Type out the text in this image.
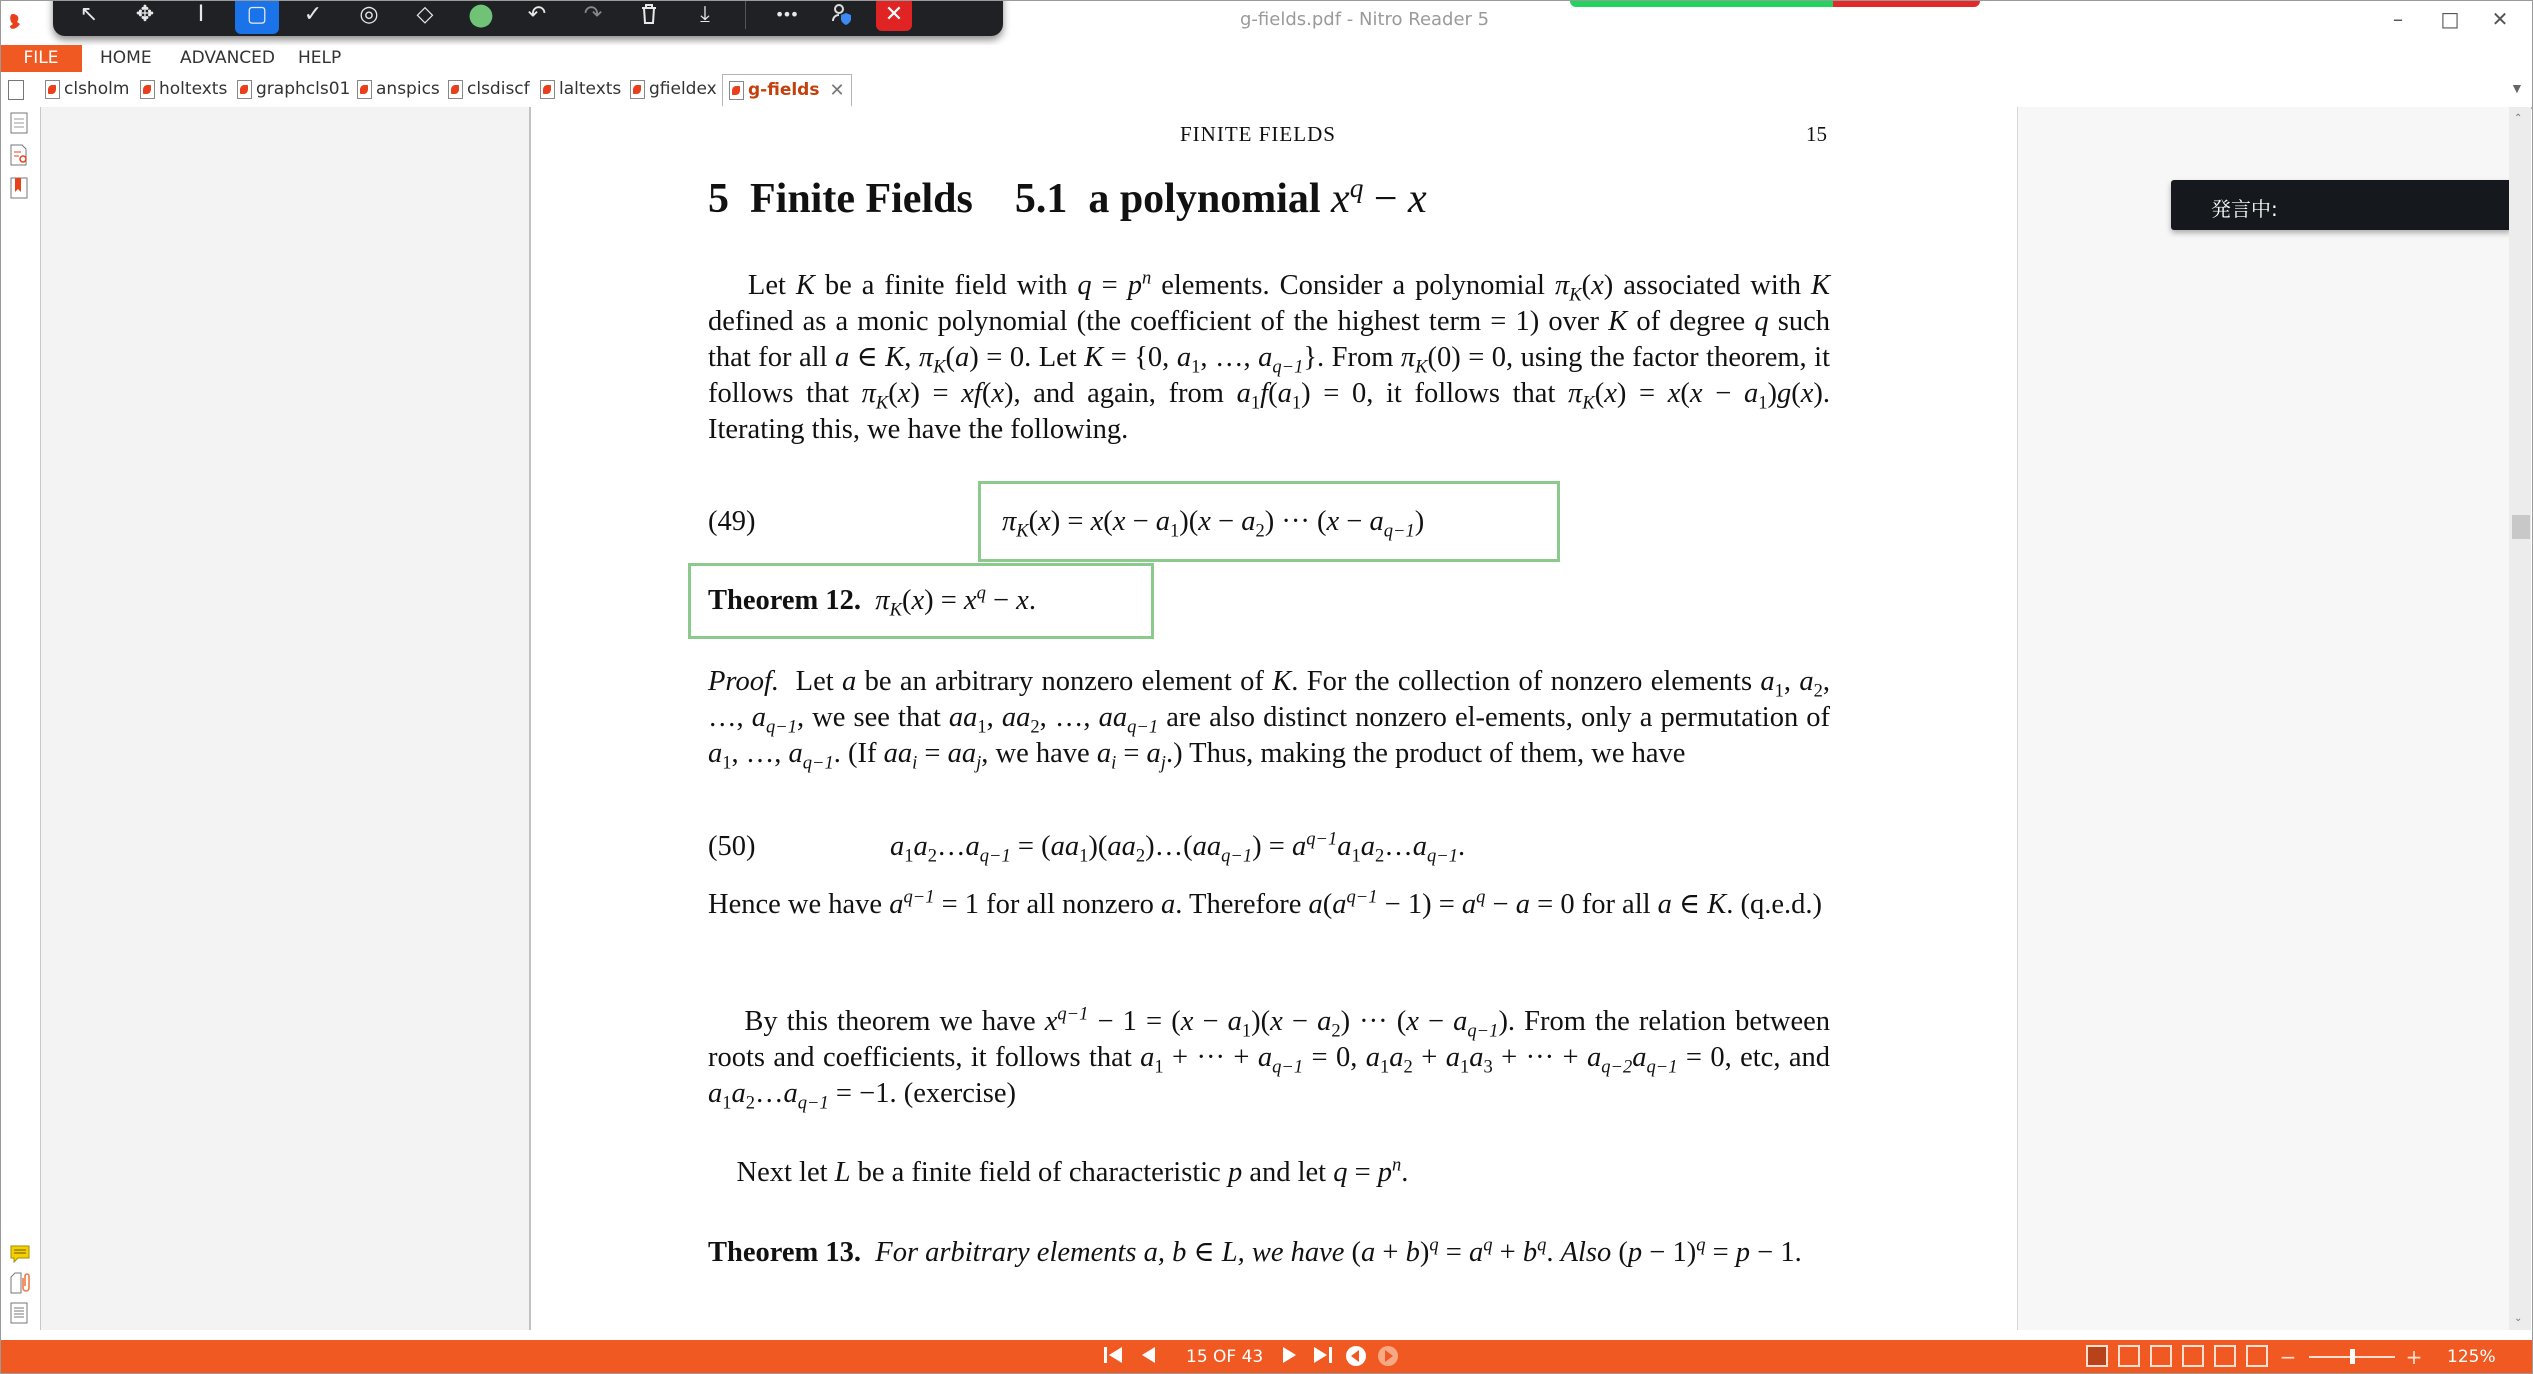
g-fields.pdf - Nitro Reader 5	–	□	✕
↖	✥	I	▢	✓	◎	◇	●	↶	↷	⤓	•••	✕
FILE	HOME ADVANCED HELP
clsholm holtexts graphcls01 anspics clsdiscf laltexts gfieldex g-fields ✕	▼
FINITE FIELDS	15
5  Finite Fields    5.1  a polynomial $x^q - x$
Let K be a finite field with $q = p^n$ elements. Consider a polynomial $\pi_K(x)$ associated with K defined as a monic polynomial (the coefficient of the highest term = 1) over K of degree q such that for all a ∈ K, $\pi_K(a) = 0$. Let K = {0, $a_1$, …, $a_{q-1}$}. From $\pi_K(0) = 0$, using the factor theorem, it follows that $\pi_K(x) = xf(x)$, and again, from $a_1f(a_1) = 0$, it follows that $\pi_K(x) = x(x - a_1)g(x)$. Iterating this, we have the following.
(49)	$\pi_K(x) = x(x - a_1)(x - a_2)$ ··· $(x - a_{q-1})$
Theorem 12. $\pi_K(x) = x^q - x$.
Proof.  Let a be an arbitrary nonzero element of K. For the collection of nonzero elements $a_1$, $a_2$, …, $a_{q-1}$, we see that $aa_1$, $aa_2$, …, $aa_{q-1}$ are also distinct nonzero el-ements, only a permutation of $a_1$, …, $a_{q-1}$. (If $aa_i = aa_j$, we have $a_i = a_j$.) Thus, making the product of them, we have
(50)	$a_1a_2\dots a_{q-1}$ = $(aa_1)(aa_2)\dots(aa_{q-1})$ = $a^{q-1}a_1a_2\dots a_{q-1}$.
Hence we have $a^{q-1} = 1$ for all nonzero a. Therefore $a(a^{q-1} - 1) = a^q - a = 0$ for all a ∈ K. (q.e.d.)
By this theorem we have $x^{q-1} - 1 = (x - a_1)(x - a_2)$ ··· $(x - a_{q-1})$. From the relation between roots and coefficients, it follows that $a_1$ + ··· + $a_{q-1} = 0$, $a_1a_2 + a_1a_3$ + ··· + $a_{q-2}a_{q-1} = 0$, etc, and $a_1a_2\dots a_{q-1} = -1$. (exercise)
Next let L be a finite field of characteristic p and let $q = p^n$.
Theorem 13. For arbitrary elements a, b ∈ L, we have $(a + b)^q = a^q + b^q$. Also $(p - 1)^q = p - 1$.
発言中:
⌃
⌄
15 OF 43	−	+ 125%
